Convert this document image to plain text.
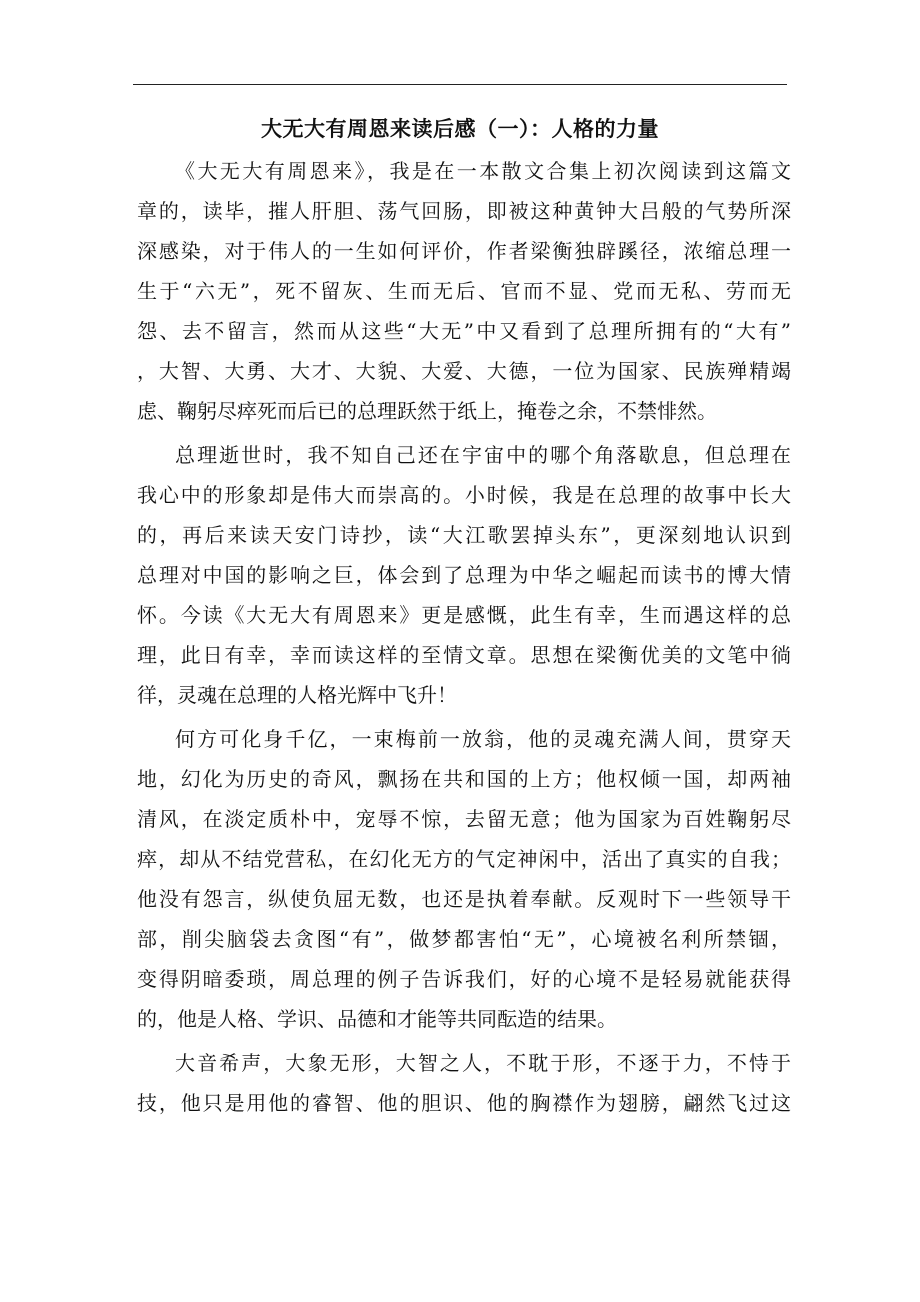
大无大有周恩来读后感（一）：人格的力量
《大无大有周恩来》，我是在一本散文合集上初次阅读到这篇文
章的，读毕，摧人肝胆、荡气回肠，即被这种黄钟大吕般的气势所深
深感染，对于伟人的一生如何评价，作者梁衡独辟蹊径，浓缩总理一
生于“六无”，死不留灰、生而无后、官而不显、党而无私、劳而无
怨、去不留言，然而从这些“大无”中又看到了总理所拥有的“大有”
，大智、大勇、大才、大貌、大爱、大德，一位为国家、民族殚精竭
虑、鞠躬尽瘁死而后已的总理跃然于纸上，掩卷之余，不禁悱然。
总理逝世时，我不知自己还在宇宙中的哪个角落歇息，但总理在
我心中的形象却是伟大而崇高的。小时候，我是在总理的故事中长大
的，再后来读天安门诗抄，读“大江歌罢掉头东”，更深刻地认识到
总理对中国的影响之巨，体会到了总理为中华之崛起而读书的博大情
怀。今读《大无大有周恩来》更是感慨，此生有幸，生而遇这样的总
理，此日有幸，幸而读这样的至情文章。思想在梁衡优美的文笔中徜
徉，灵魂在总理的人格光辉中飞升！
何方可化身千亿，一束梅前一放翁，他的灵魂充满人间，贯穿天
地，幻化为历史的奇风，飘扬在共和国的上方；他权倾一国，却两袖
清风，在淡定质朴中，宠辱不惊，去留无意；他为国家为百姓鞠躬尽
瘁，却从不结党营私，在幻化无方的气定神闲中，活出了真实的自我；
他没有怨言，纵使负屈无数，也还是执着奉献。反观时下一些领导干
部，削尖脑袋去贪图“有”，做梦都害怕“无”，心境被名利所禁锢，
变得阴暗委琐，周总理的例子告诉我们，好的心境不是轻易就能获得
的，他是人格、学识、品德和才能等共同酝造的结果。
大音希声，大象无形，大智之人，不耽于形，不逐于力，不恃于
技，他只是用他的睿智、他的胆识、他的胸襟作为翅膀，翩然飞过这
